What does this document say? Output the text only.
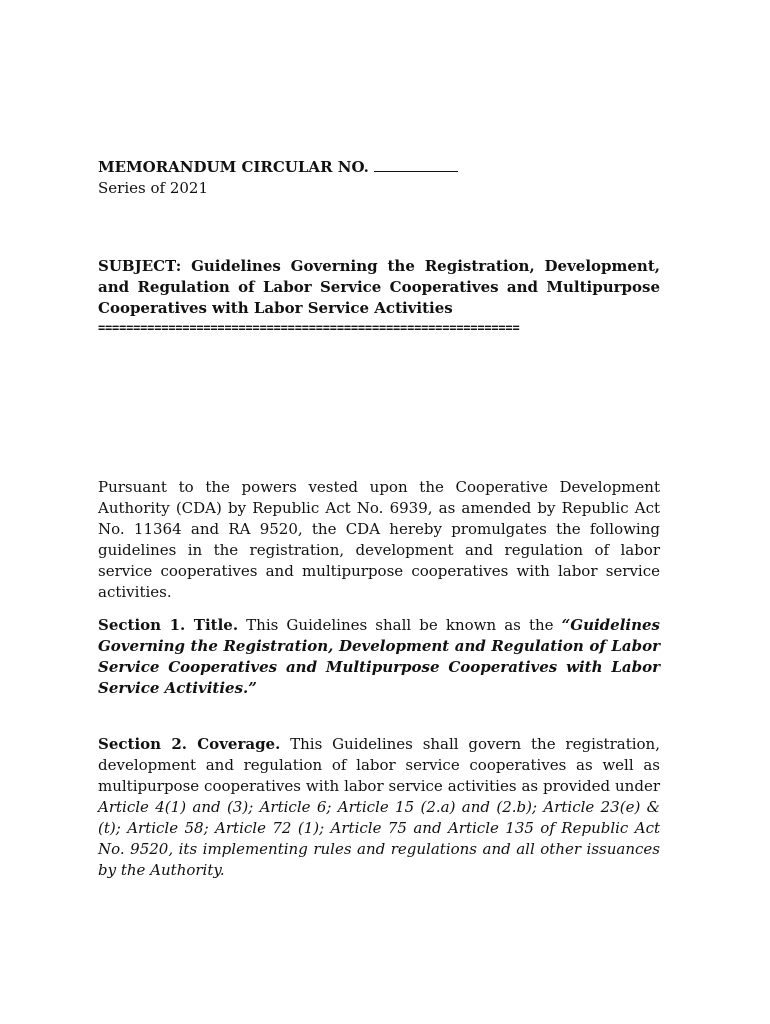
MEMORANDUM CIRCULAR NO.
Series of 2021
SUBJECT: Guidelines Governing the Registration, Development, and Regulation of Labor Service Cooperatives and Multipurpose Cooperatives with Labor Service Activities
============================================================
Pursuant to the powers vested upon the Cooperative Development Authority (CDA) by Republic Act No. 6939, as amended by Republic Act No. 11364 and RA 9520, the CDA hereby promulgates the following guidelines in the registration, development and regulation of labor service cooperatives and multipurpose cooperatives with labor service activities.
Section 1. Title. This Guidelines shall be known as the “Guidelines Governing the Registration, Development and Regulation of Labor Service Cooperatives and Multipurpose Cooperatives with Labor Service Activities.”
Section 2. Coverage. This Guidelines shall govern the registration, development and regulation of labor service cooperatives as well as multipurpose cooperatives with labor service activities as provided under Article 4(1) and (3); Article 6; Article 15 (2.a) and (2.b); Article 23(e) & (t); Article 58; Article 72 (1); Article 75 and Article 135 of Republic Act No. 9520, its implementing rules and regulations and all other issuances by the Authority.
